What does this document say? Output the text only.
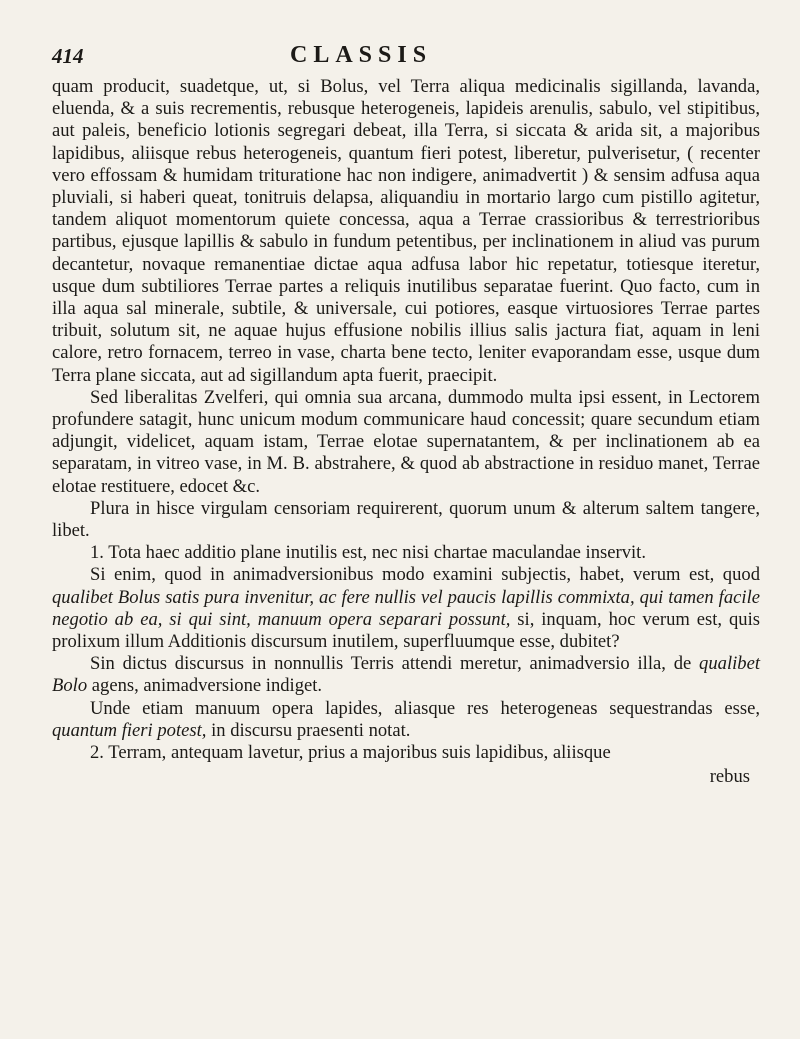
414	CLASSIS

quam producit, suadetque, ut, si Bolus, vel Terra aliqua medicinalis sigillanda, lavanda, eluenda, & a suis recrementis, rebusque heterogeneis, lapideis arenulis, sabulo, vel stipitibus, aut paleis, beneficio lotionis segregari debeat, illa Terra, si siccata & arida sit, a majoribus lapidibus, aliisque rebus heterogeneis, quantum fieri potest, liberetur, pulverisetur, ( recenter vero effossam & humidam trituratione hac non indigere, animadvertit ) & sensim adfusa aqua pluviali, si haberi queat, tonitruis delapsa, aliquandiu in mortario largo cum pistillo agitetur, tandem aliquot momentorum quiete concessa, aqua a Terrae crassioribus & terrestrioribus partibus, ejusque lapillis & sabulo in fundum petentibus, per inclinationem in aliud vas purum decantetur, novaque remanentiae dictae aqua adfusa labor hic repetatur, totiesque iteretur, usque dum subtiliores Terrae partes a reliquis inutilibus separatae fuerint. Quo facto, cum in illa aqua sal minerale, subtile, & universale, cui potiores, easque virtuosiores Terrae partes tribuit, solutum sit, ne aquae hujus effusione nobilis illius salis jactura fiat, aquam in leni calore, retro fornacem, terreo in vase, charta bene tecto, leniter evaporandam esse, usque dum Terra plane siccata, aut ad sigillandum apta fuerit, praecipit.

Sed liberalitas Zvelferi, qui omnia sua arcana, dummodo multa ipsi essent, in Lectorem profundere satagit, hunc unicum modum communicare haud concessit; quare secundum etiam adjungit, videlicet, aquam istam, Terrae elotae supernatantem, & per inclinationem ab ea separatam, in vitreo vase, in M. B. abstrahere, & quod ab abstractione in residuo manet, Terrae elotae restituere, edocet &c.

Plura in hisce virgulam censoriam requirerent, quorum unum & alterum saltem tangere, libet.

1. Tota haec additio plane inutilis est, nec nisi chartae maculandae inservit.

Si enim, quod in animadversionibus modo examini subjectis, habet, verum est, quod qualibet Bolus satis pura invenitur, ac fere nullis vel paucis lapillis commixta, qui tamen facile negotio ab ea, si qui sint, manuum opera separari possunt, si, inquam, hoc verum est, quis prolixum illum Additionis discursum inutilem, superfluumque esse, dubitet?

Sin dictus discursus in nonnullis Terris attendi meretur, animadversio illa, de qualibet Bolo agens, animadversione indiget.

Unde etiam manuum opera lapides, aliasque res heterogeneas sequestrandas esse, quantum fieri potest, in discursu praesenti notat.

2. Terram, antequam lavetur, prius a majoribus suis lapidibus, aliisque

rebus
